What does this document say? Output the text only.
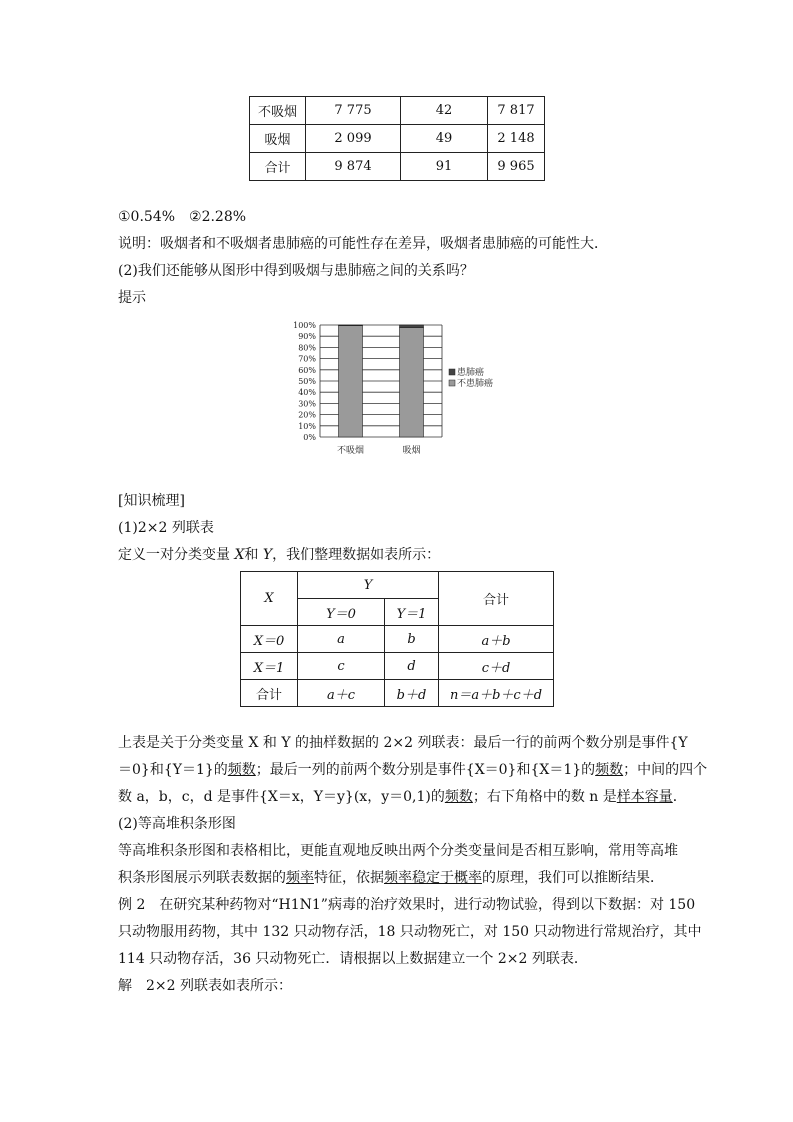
不吸烟	7 775	42	7 817
吸烟	2 099	49	2 148
合计	9 874	91	9 965
①0.54%　②2.28%
说明：吸烟者和不吸烟者患肺癌的可能性存在差异，吸烟者患肺癌的可能性大．
(2)我们还能够从图形中得到吸烟与患肺癌之间的关系吗？
提示
0%
10%
20%
30%
40%
50%
60%
70%
80%
90%
100%
不吸烟	吸烟
患肺癌
不患肺癌
[知识梳理]
(1)2×2 列联表
定义一对分类变量 X和 Y，我们整理数据如表所示：
X	Y		合计
	Y＝0	Y＝1	
X＝0	a	b	a＋b
X＝1	c	d	c＋d
合计	a＋c	b＋d	n＝a＋b＋c＋d
上表是关于分类变量 X 和 Y 的抽样数据的 2×2 列联表：最后一行的前两个数分别是事件{Y
＝0}和{Y＝1}的频数；最后一列的前两个数分别是事件{X＝0}和{X＝1}的频数；中间的四个
数 a，b，c，d 是事件{X＝x，Y＝y}(x，y＝0,1)的频数；右下角格中的数 n 是样本容量．
(2)等高堆积条形图
等高堆积条形图和表格相比，更能直观地反映出两个分类变量间是否相互影响，常用等高堆
积条形图展示列联表数据的频率特征，依据频率稳定于概率的原理，我们可以推断结果．
例 2　在研究某种药物对“H1N1”病毒的治疗效果时，进行动物试验，得到以下数据：对 150
只动物服用药物，其中 132 只动物存活，18 只动物死亡，对 150 只动物进行常规治疗，其中
114 只动物存活，36 只动物死亡．请根据以上数据建立一个 2×2 列联表．
解　2×2 列联表如表所示：
